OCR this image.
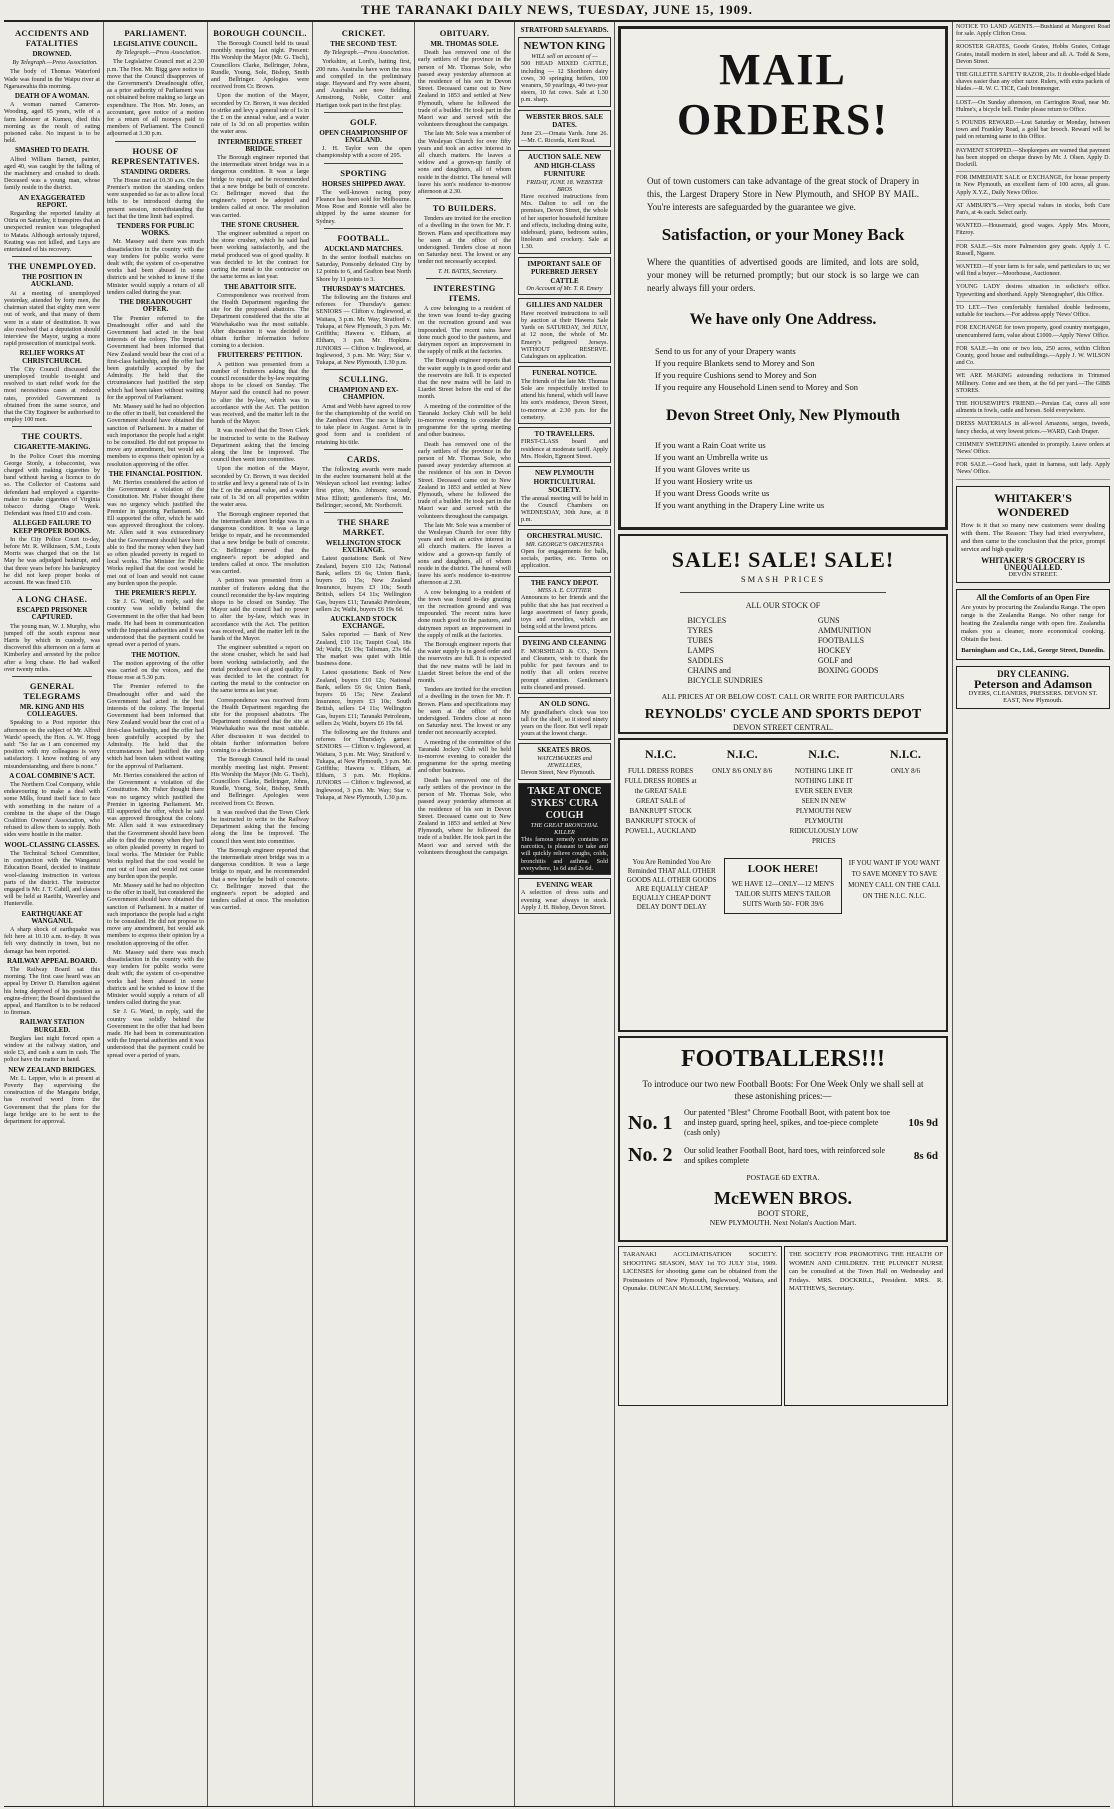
THE TARANAKI DAILY NEWS, TUESDAY, JUNE 15, 1909.
ACCIDENTS AND FATALITIES
DROWNED.

By Telegraph.—Press Association.

The body of Thomas Waterford Wade was found in the Waipu river at Ngaruawahia this morning.

DEATH OF A WOMAN.

A woman named Cameron-Wooding, aged 65 years, wife of a farm labourer at Kumeu, died this morning as the result of eating poisoned cake. No inquest is to be held.

SMASHED TO DEATH.

Alfred William Barnett, painter, aged 40, was caught by the falling of the machinery and crushed to death. Deceased was a young man, whose family reside in the district.

AN EXAGGERATED REPORT.

Regarding the reported fatality at Otiria on Saturday, it transpires that an unexpected reunion was telegraphed to Matata. Although seriously injured, Keating was not killed, and Leys are entertained of his recovery.

THE UNEMPLOYED.
THE POSITION IN AUCKLAND.

At a meeting of unemployed yesterday, attended by forty men, the chairman stated that eighty men were out of work, and that many of them were in a state of destitution. It was also resolved that a deputation should interview the Mayor, urging a more rapid prosecution of municipal work.

RELIEF WORKS AT CHRISTCHURCH.

The City Council discussed the unemployed trouble to-night and resolved to start relief work for the most necessitous cases at reduced rates, provided Government is obtained from the same source, and that the City Engineer be authorised to employ 100 men.

THE COURTS.
CIGARETTE-MAKING.

In the Police Court this morning George Stonly, a tobacconist, was charged with making cigarettes by hand without having a licence to do so. The Collector of Customs said defendant had employed a cigarette-maker to make cigarettes of Virginia tobacco during Otago Week. Defendant was fined £10 and costs.

ALLEGED FAILURE TO KEEP PROPER BOOKS.

In the City Police Court to-day, before Mr. R. Wilkinson, S.M., Louis Morris was charged that on the 1st May he was adjudged bankrupt, and that three years before his bankruptcy he did not keep proper books of account. He was fined £10.

A LONG CHASE.
ESCAPED PRISONER CAPTURED.

The young man, W. J. Murphy, who jumped off the south express near Harris by which in custody, was discovered this afternoon on a farm at Kimberley and arrested by the police after a long chase. He had walked over twenty miles.

GENERAL TELEGRAMS
MR. KING AND HIS COLLEAGUES.

Speaking to a Post reporter this afternoon on the subject of Mr. Alfred Wards' speech, the Hon. A. W. Hogg said: "So far as I am concerned my position with my colleagues is very satisfactory. I know nothing of any misunderstanding, and there is none."

A COAL COMBINE'S ACT.

The Northern Coal Company, while endeavouring to make a deal with some Mills, found itself face to face with something in the nature of a combine in the shape of the Otago Coalition Owners' Association, who refused to allow them to supply. Both sides were hostile in the matter.

WOOL-CLASSING CLASSES.

The Technical School Committee, in conjunction with the Wanganui Education Board, decided to institute wool-classing instruction in various parts of the district. The instructor engaged is Mr. J. T. Cahill, and classes will be held at Raetihi, Waverley and Hunterville.

EARTHQUAKE AT WANGANUI.

A sharp shock of earthquake was felt here at 10.10 a.m. to-day. It was felt very distinctly in town, but no damage has been reported.

RAILWAY APPEAL BOARD.

The Railway Board sat this morning. The first case heard was an appeal by Driver D. Hamilton against his being deprived of his position as engine-driver; the Board dismissed the appeal, and Hamilton is to be reduced to fireman.

RAILWAY STATION BURGLED.

Burglars last night forced open a window at the railway station, and stole £3, and cash a sum in cash. The police have the matter in hand.

NEW ZEALAND BRIDGES.

Mr. L. Lepper, who is at present at Poverty Bay supervising the construction of the Mangatu bridge, has received word from the Government that the plans for the large bridge are to be sent to the department for approval.

PARLIAMENT.
LEGISLATIVE COUNCIL.

By Telegraph.—Press Association.

The Legislative Council met at 2.30 p.m. The Hon. Mr. Bigg gave notice to move that the Council disapproves of the Government's Dreadnought offer, as a prior authority of Parliament was not obtained before making so large an expenditure. The Hon. Mr. Jones, an accountant, gave notice of a motion for a return of all moneys paid to members of Parliament. The Council adjourned at 3.30 p.m.

HOUSE OF REPRESENTATIVES.
STANDING ORDERS.

The House met at 10.30 a.m. On the Premier's motion the standing orders were suspended so far as to allow local bills to be introduced during the present session, notwithstanding the fact that the time limit had expired.

TENDERS FOR PUBLIC WORKS.

Mr. Massey said there was much dissatisfaction in the country with the way tenders for public works were dealt with; the system of co-operative works had been abused in some districts and he wished to know if the Minister would supply a return of all tenders called during the year.

THE DREADNOUGHT OFFER.

The Premier referred to the Dreadnought offer and said the Government had acted in the best interests of the colony. The Imperial Government had been informed that New Zealand would bear the cost of a first-class battleship, and the offer had been gratefully accepted by the Admiralty. He held that the circumstances had justified the step which had been taken without waiting for the approval of Parliament.

Mr. Massey said he had no objection to the offer in itself, but considered the Government should have obtained the sanction of Parliament. In a matter of such importance the people had a right to be consulted. He did not propose to move any amendment, but would ask members to express their opinion by a resolution approving of the offer.

THE FINANCIAL POSITION.

Mr. Herries considered the action of the Government a violation of the Constitution. Mr. Fisher thought there was no urgency which justified the Premier in ignoring Parliament. Mr. Ell supported the offer, which he said was approved throughout the colony. Mr. Allen said it was extraordinary that the Government should have been able to find the money when they had so often pleaded poverty in regard to local works. The Minister for Public Works replied that the cost would be met out of loan and would not cause any burden upon the people.

THE PREMIER'S REPLY.

Sir J. G. Ward, in reply, said the country was solidly behind the Government in the offer that had been made. He had been in communication with the Imperial authorities and it was understood that the payment could be spread over a period of years.

THE MOTION.

The motion approving of the offer was carried on the voices, and the House rose at 5.30 p.m.

The Premier referred to the Dreadnought offer and said the Government had acted in the best interests of the colony. The Imperial Government had been informed that New Zealand would bear the cost of a first-class battleship, and the offer had been gratefully accepted by the Admiralty. He held that the circumstances had justified the step which had been taken without waiting for the approval of Parliament.

Mr. Herries considered the action of the Government a violation of the Constitution. Mr. Fisher thought there was no urgency which justified the Premier in ignoring Parliament. Mr. Ell supported the offer, which he said was approved throughout the colony. Mr. Allen said it was extraordinary that the Government should have been able to find the money when they had so often pleaded poverty in regard to local works. The Minister for Public Works replied that the cost would be met out of loan and would not cause any burden upon the people.

Mr. Massey said he had no objection to the offer in itself, but considered the Government should have obtained the sanction of Parliament. In a matter of such importance the people had a right to be consulted. He did not propose to move any amendment, but would ask members to express their opinion by a resolution approving of the offer.

Mr. Massey said there was much dissatisfaction in the country with the way tenders for public works were dealt with; the system of co-operative works had been abused in some districts and he wished to know if the Minister would supply a return of all tenders called during the year.

Sir J. G. Ward, in reply, said the country was solidly behind the Government in the offer that had been made. He had been in communication with the Imperial authorities and it was understood that the payment could be spread over a period of years.

BOROUGH COUNCIL.

The Borough Council held its usual monthly meeting last night. Present: His Worship the Mayor (Mr. G. Tisch), Councillors Clarke, Bellringer, Johns, Rundle, Young, Sole, Bishop, Smith and Bellringer. Apologies were received from Cr. Brown.

Upon the motion of the Mayor, seconded by Cr. Brown, it was decided to strike and levy a general rate of 1s in the £ on the annual value, and a water rate of 1s 3d on all properties within the water area.

INTERMEDIATE STREET BRIDGE.

The Borough engineer reported that the intermediate street bridge was in a dangerous condition. It was a large bridge to repair, and he recommended that a new bridge be built of concrete. Cr. Bellringer moved that the engineer's report be adopted and tenders called at once. The resolution was carried.

THE STONE CRUSHER.

The engineer submitted a report on the stone crusher, which he said had been working satisfactorily, and the metal produced was of good quality. It was decided to let the contract for carting the metal to the contractor on the same terms as last year.

THE ABATTOIR SITE.

Correspondence was received from the Health Department regarding the site for the proposed abattoirs. The Department considered that the site at Waiwhakaiho was the most suitable. After discussion it was decided to obtain further information before coming to a decision.

FRUITERERS' PETITION.

A petition was presented from a number of fruiterers asking that the council reconsider the by-law requiring shops to be closed on Sunday. The Mayor said the council had no power to alter the by-law, which was in accordance with the Act. The petition was received, and the matter left in the hands of the Mayor.

It was resolved that the Town Clerk be instructed to write to the Railway Department asking that the fencing along the line be improved. The council then went into committee.

Upon the motion of the Mayor, seconded by Cr. Brown, it was decided to strike and levy a general rate of 1s in the £ on the annual value, and a water rate of 1s 3d on all properties within the water area.

The Borough engineer reported that the intermediate street bridge was in a dangerous condition. It was a large bridge to repair, and he recommended that a new bridge be built of concrete. Cr. Bellringer moved that the engineer's report be adopted and tenders called at once. The resolution was carried.

A petition was presented from a number of fruiterers asking that the council reconsider the by-law requiring shops to be closed on Sunday. The Mayor said the council had no power to alter the by-law, which was in accordance with the Act. The petition was received, and the matter left in the hands of the Mayor.

The engineer submitted a report on the stone crusher, which he said had been working satisfactorily, and the metal produced was of good quality. It was decided to let the contract for carting the metal to the contractor on the same terms as last year.

Correspondence was received from the Health Department regarding the site for the proposed abattoirs. The Department considered that the site at Waiwhakaiho was the most suitable. After discussion it was decided to obtain further information before coming to a decision.

The Borough Council held its usual monthly meeting last night. Present: His Worship the Mayor (Mr. G. Tisch), Councillors Clarke, Bellringer, Johns, Rundle, Young, Sole, Bishop, Smith and Bellringer. Apologies were received from Cr. Brown.

It was resolved that the Town Clerk be instructed to write to the Railway Department asking that the fencing along the line be improved. The council then went into committee.

The Borough engineer reported that the intermediate street bridge was in a dangerous condition. It was a large bridge to repair, and he recommended that a new bridge be built of concrete. Cr. Bellringer moved that the engineer's report be adopted and tenders called at once. The resolution was carried.

CRICKET.
THE SECOND TEST.

By Telegraph.—Press Association.

Yorkshire, at Lord's, batting first, 200 runs. Australia have won the toss and compiled in the preliminary stage. Hayward and Fry were absent, and Australia are now fielding. Armstrong, Noble, Cotter and Hartigan took part in the first play.

GOLF.
OPEN CHAMPIONSHIP OF ENGLAND.

J. H. Taylor won the open championship with a score of 295.

SPORTING
HORSES SHIPPED AWAY.

The well-known racing pony Fleance has been sold for Melbourne. Moss Rose and Ronnie will also be shipped by the same steamer for Sydney.

FOOTBALL.
AUCKLAND MATCHES.

In the senior football matches on Saturday, Ponsonby defeated City by 12 points to 6, and Grafton beat North Shore by 11 points to 3.

THURSDAY'S MATCHES.

The following are the fixtures and referees for Thursday's games: SENIORS — Clifton v. Inglewood, at Waitara, 3 p.m. Mr. Way; Stratford v. Tukapa, at New Plymouth, 3 p.m. Mr. Griffiths; Hawera v. Eltham, at Eltham, 3 p.m. Mr. Hopkins. JUNIORS — Clifton v. Inglewood, at Inglewood, 3 p.m. Mr. Way; Star v. Tukapa, at New Plymouth, 1.30 p.m.

SCULLING.
CHAMPION AND EX-CHAMPION.

Arnst and Webb have agreed to row for the championship of the world on the Zambesi river. The race is likely to take place in August. Arnst is in good form and is confident of retaining his title.

CARDS.

The following awards were made in the euchre tournament held at the Wesleyan school last evening: ladies' first prize, Mrs. Johnson; second, Miss Elliott; gentlemen's first, Mr. Bellringer; second, Mr. Northcroft.

THE SHARE MARKET.
WELLINGTON STOCK EXCHANGE.

Latest quotations: Bank of New Zealand, buyers £10 12s; National Bank, sellers £6 6s; Union Bank, buyers £6 15s; New Zealand Insurance, buyers £3 10s; South British, sellers £4 11s; Wellington Gas, buyers £11; Taranaki Petroleum, sellers 2s; Waihi, buyers £6 19s 6d.

AUCKLAND STOCK EXCHANGE.

Sales reported — Bank of New Zealand, £10 11s; Taupiri Coal, 18s 9d; Waihi, £6 19s; Talisman, 23s 6d. The market was quiet with little business done.

Latest quotations: Bank of New Zealand, buyers £10 12s; National Bank, sellers £6 6s; Union Bank, buyers £6 15s; New Zealand Insurance, buyers £3 10s; South British, sellers £4 11s; Wellington Gas, buyers £11; Taranaki Petroleum, sellers 2s; Waihi, buyers £6 19s 6d.

The following are the fixtures and referees for Thursday's games: SENIORS — Clifton v. Inglewood, at Waitara, 3 p.m. Mr. Way; Stratford v. Tukapa, at New Plymouth, 3 p.m. Mr. Griffiths; Hawera v. Eltham, at Eltham, 3 p.m. Mr. Hopkins. JUNIORS — Clifton v. Inglewood, at Inglewood, 3 p.m. Mr. Way; Star v. Tukapa, at New Plymouth, 1.30 p.m.

OBITUARY.
MR. THOMAS SOLE.

Death has removed one of the early settlers of the province in the person of Mr. Thomas Sole, who passed away yesterday afternoon at the residence of his son in Devon Street. Deceased came out to New Zealand in 1853 and settled at New Plymouth, where he followed the trade of a builder. He took part in the Maori war and served with the volunteers throughout the campaign.

The late Mr. Sole was a member of the Wesleyan Church for over fifty years and took an active interest in all church matters. He leaves a widow and a grown-up family of sons and daughters, all of whom reside in the district. The funeral will leave his son's residence to-morrow afternoon at 2.30.

TO BUILDERS.

Tenders are invited for the erection of a dwelling in the town for Mr. F. Brown. Plans and specifications may be seen at the office of the undersigned. Tenders close at noon on Saturday next. The lowest or any tender not necessarily accepted.

T. H. BATES, Secretary.

INTERESTING ITEMS.

A cow belonging to a resident of the town was found to-day grazing on the recreation ground and was impounded. The recent rains have done much good to the pastures, and dairymen report an improvement in the supply of milk at the factories.

The Borough engineer reports that the water supply is in good order and the reservoirs are full. It is expected that the new mains will be laid in Liardet Street before the end of the month.

A meeting of the committee of the Taranaki Jockey Club will be held to-morrow evening to consider the programme for the spring meeting and other business.

Death has removed one of the early settlers of the province in the person of Mr. Thomas Sole, who passed away yesterday afternoon at the residence of his son in Devon Street. Deceased came out to New Zealand in 1853 and settled at New Plymouth, where he followed the trade of a builder. He took part in the Maori war and served with the volunteers throughout the campaign.

The late Mr. Sole was a member of the Wesleyan Church for over fifty years and took an active interest in all church matters. He leaves a widow and a grown-up family of sons and daughters, all of whom reside in the district. The funeral will leave his son's residence to-morrow afternoon at 2.30.

A cow belonging to a resident of the town was found to-day grazing on the recreation ground and was impounded. The recent rains have done much good to the pastures, and dairymen report an improvement in the supply of milk at the factories.

The Borough engineer reports that the water supply is in good order and the reservoirs are full. It is expected that the new mains will be laid in Liardet Street before the end of the month.

Tenders are invited for the erection of a dwelling in the town for Mr. F. Brown. Plans and specifications may be seen at the office of the undersigned. Tenders close at noon on Saturday next. The lowest or any tender not necessarily accepted.

A meeting of the committee of the Taranaki Jockey Club will be held to-morrow evening to consider the programme for the spring meeting and other business.

Death has removed one of the early settlers of the province in the person of Mr. Thomas Sole, who passed away yesterday afternoon at the residence of his son in Devon Street. Deceased came out to New Zealand in 1853 and settled at New Plymouth, where he followed the trade of a builder. He took part in the Maori war and served with the volunteers throughout the campaign.

STRATFORD SALEYARDS.
NEWTON KING
WILL sell on account of —
500 HEAD MIXED CATTLE, including — 12 Shorthorn dairy cows, 30 springing heifers, 100 weaners, 50 yearlings, 40 two-year steers, 10 fat cows. Sale at 1.30 p.m. sharp.
WEBSTER BROS. SALE DATES.
June 23.—Ornata Yards. June 26.—Mr. C. Ricorda, Kent Road.
AUCTION SALE. NEW AND HIGH-CLASS FURNITURE
FRIDAY, JUNE 18. WEBSTER BROS
Have received instructions from Mrs. Dalton to sell on the premises, Devon Street, the whole of her superior household furniture and effects, including dining suite, sideboard, piano, bedroom suites, linoleum and crockery. Sale at 1.30.
IMPORTANT SALE OF PUREBRED JERSEY CATTLE
On Account of Mr. T. R. Emery
GILLIES AND NALDER
Have received instructions to sell by auction at their Hawera Sale Yards on SATURDAY, 3rd JULY, at 12 noon, the whole of Mr. Emery's pedigreed Jerseys. WITHOUT RESERVE. Catalogues on application.
FUNERAL NOTICE.
The friends of the late Mr. Thomas Sole are respectfully invited to attend his funeral, which will leave his son's residence, Devon Street, to-morrow at 2.30 p.m. for the cemetery.
TO TRAVELLERS.
FIRST-CLASS board and residence at moderate tariff. Apply Mrs. Hoskin, Egmont Street.
NEW PLYMOUTH HORTICULTURAL SOCIETY.
The annual meeting will be held in the Council Chambers on WEDNESDAY, 30th June, at 8 p.m.
ORCHESTRAL MUSIC.
MR. GEORGE'S ORCHESTRA
Open for engagements for balls, socials, parties, etc. Terms on application.
THE FANCY DEPOT.
MISS A. E. COTTIER
Announces to her friends and the public that she has just received a large assortment of fancy goods, toys and novelties, which are being sold at the lowest prices.
DYEING AND CLEANING
F. MORSHEAD & CO., Dyers and Cleaners, wish to thank the public for past favours and to notify that all orders receive prompt attention. Gentlemen's suits cleaned and pressed.
AN OLD SONG.
My grandfather's clock was too tall for the shelf, so it stood ninety years on the floor. But we'll repair yours at the lowest charge.
SKEATES BROS.
WATCHMAKERS and JEWELLERS,
Devon Street, New Plymouth.
TAKE AT ONCE SYKES' CURA COUGH
THE GREAT BRONCHIAL KILLER
This famous remedy contains no narcotics, is pleasant to take and will quickly relieve coughs, colds, bronchitis and asthma. Sold everywhere, 1s 6d and 2s 6d.
EVENING WEAR
A selection of dress suits and evening wear always in stock. Apply J. H. Bishop, Devon Street.
MAIL ORDERS!
Out of town customers can take advantage of the great stock of Drapery in this, the Largest Drapery Store in New Plymouth, and SHOP BY MAIL. You're interests are safeguarded by the guarantee we give.
Satisfaction, or your Money Back
Where the quantities of advertised goods are limited, and lots are sold, your money will be returned promptly; but our stock is so large we can nearly always fill your orders.
We have only One Address.
Send to us for any of your Drapery wants
If you require Blankets send to Morey and Son
If you require Cushions send to Morey and Son
If you require any Household Linen send to Morey and Son
Devon Street Only, New Plymouth
If you want a Rain Coat write us
If you want an Umbrella write us
If you want Gloves write us
If you want Hosiery write us
If you want Dress Goods write us
If you want anything in the Drapery Line write us
SALE! SALE! SALE!
SMASH PRICES
ALL OUR STOCK OF
BICYCLES
TYRES
TUBES
LAMPS
SADDLES
CHAINS and
BICYCLE SUNDRIES
GUNS
AMMUNITION
FOOTBALLS
HOCKEY
GOLF and
BOXING GOODS
ALL PRICES AT OR BELOW COST. CALL OR WRITE FOR PARTICULARS
REYNOLDS' CYCLE AND SPORTS DEPOT
DEVON STREET CENTRAL.
N.I.C.
FULL DRESS ROBES FULL DRESS ROBES at the GREAT SALE GREAT SALE of BANKRUPT STOCK BANKRUPT STOCK of POWELL, AUCKLAND
N.I.C.
ONLY 8/6 ONLY 8/6
N.I.C.
NOTHING LIKE IT NOTHING LIKE IT EVER SEEN EVER SEEN IN NEW PLYMOUTH NEW PLYMOUTH RIDICULOUSLY LOW PRICES
N.I.C.
ONLY 8/6
You Are Reminded You Are Reminded THAT ALL OTHER GOODS ALL OTHER GOODS ARE EQUALLY CHEAP EQUALLY CHEAP DON'T DELAY DON'T DELAY
LOOK HERE!
WE HAVE 12—ONLY—12 MEN'S TAILOR SUITS MEN'S TAILOR SUITS Worth 50/- FOR 39/6
IF YOU WANT IF YOU WANT TO SAVE MONEY TO SAVE MONEY CALL ON THE CALL ON THE N.I.C. N.I.C.
FOOTBALLERS!!!
To introduce our two new Football Boots: For One Week Only we shall sell at these astonishing prices:—
No. 1	Our patented "Blest" Chrome Football Boot, with patent box toe and instep guard, spring heel, spikes, and toe-piece complete (cash only)
10s 9d
No. 2	Our solid leather Football Boot, hard toes, with reinforced sole and spikes complete	8s 6d
POSTAGE 6D EXTRA.
McEWEN BROS.
BOOT STORE,
NEW PLYMOUTH. Next Nolan's Auction Mart.
TARANAKI ACCLIMATISATION SOCIETY. SHOOTING SEASON, MAY 1st TO JULY 31st, 1909. LICENSES for shooting game can be obtained from the Postmasters of New Plymouth, Inglewood, Waitara, and Opunake. DUNCAN McALLUM, Secretary.
THE SOCIETY FOR PROMOTING THE HEALTH OF WOMEN AND CHILDREN. THE PLUNKET NURSE can be consulted at the Town Hall on Wednesday and Fridays. MRS. DOCKRILL, President. MRS. R. MATTHEWS, Secretary.

NOTICE TO LAND AGENTS.—Bushland at Mangorei Road for sale. Apply Clifton Cross.

ROOSTER GRATES, Goode Grates, Hobbs Grates, Cottage Grates, install modern in steel, labour and all. A. Todd & Sons, Devon Street.

THE GILLETTE SAFETY RAZOR, 21s. It double-edged blade shaves easier than any other razor. Rulers, with extra packets of blades.—R. W. C. TICE, Cash Ironmonger.

LOST.—On Sunday afternoon, on Carrington Road, near Mr. Hulme's, a bicycle bell. Finder please return to Office.

5 POUNDS REWARD.—Lost Saturday or Monday, between town and Frankley Road, a gold bar brooch. Reward will be paid on returning same to this Office.

PAYMENT STOPPED.—Shopkeepers are warned that payment has been stopped on cheque drawn by Mr. J. Olsen. Apply D. Dockrill.

FOR IMMEDIATE SALE or EXCHANGE, for house property in New Plymouth, an excellent farm of 100 acres, all grass. Apply X.Y.Z., Daily News Office.

AT AMBURY'S.—Very special values in stocks, both Cure Pan's, at 4s each. Select early.

WANTED.—Housemaid, good wages. Apply Mrs. Moore, Fitzroy.

FOR SALE.—Six more Palmerston grey goats. Apply J. C. Russell, Ngaere.

WANTED.—If your farm is for sale, send particulars to us; we will find a buyer.—Moorhouse, Auctioneer.

YOUNG LADY desires situation in solicitor's office. Typewriting and shorthand. Apply 'Stenographer', this Office.

TO LET.—Two comfortably furnished double bedrooms, suitable for teachers.—For address apply 'News' Office.

FOR EXCHANGE for town property, good country mortgages, unencumbered farm, value about £1000.—Apply 'News' Office.

FOR SALE.—In one or two lots, 250 acres, within Clifton County, good house and outbuildings.—Apply J. W. WILSON and Co.

WE ARE MAKING astounding reductions in Trimmed Millinery. Come and see them, at the 6d per yard.—The GIBB STORES.

THE HOUSEWIFE'S FRIEND.—Persian Cat, cures all sore ailments in fowls, cattle and horses. Sold everywhere.

DRESS MATERIALS in all-wool Amazons, serges, tweeds, fancy checks, at very lowest prices.—WARD, Cash Draper.

CHIMNEY SWEEPING attended to promptly. Leave orders at 'News' Office.

FOR SALE.—Good hack, quiet in harness, suit lady. Apply 'News' Office.

WHITAKER'S WONDERED
How is it that so many new customers were dealing with them. The Reason: They had tried everywhere, and then came to the conclusion that the price, prompt service and high quality
WHITAKER'S GROCERY IS UNEQUALLED.
DEVON STREET.
All the Comforts of an Open Fire
Are yours by procuring the Zealandia Range. The open range is the Zealandia Range. No other range for heating the Zealandia range with open fire. Zealandia makes you a cleaner, more economical cooking. Obtain the best.
Barningham and Co., Ltd., George Street, Dunedin.
DRY CLEANING.
Peterson and Adamson
DYERS, CLEANERS, PRESSERS. DEVON ST. EAST, New Plymouth.
